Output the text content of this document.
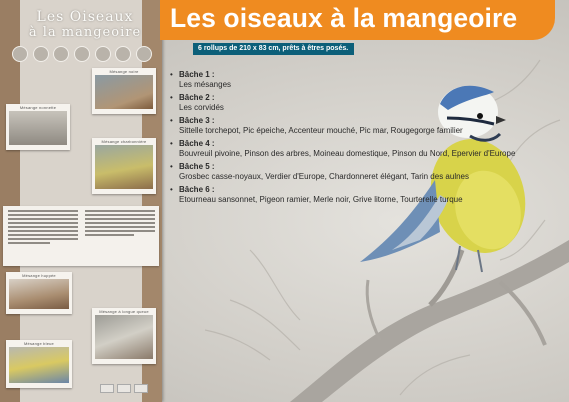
Les Oiseaux
à la mangeoire
Mésange noire
Mésange nonnette
Mésange charbonnière
Mésange huppée
Mésange à longue queue
Mésange bleue
Les oiseaux à la mangeoire
6 rollups de 210 x 83 cm, prêts à êtres posés.
• Bâche 1 :
Les mésanges
• Bâche 2 :
Les corvidés
• Bâche 3 :
Sittelle torchepot, Pic épeiche, Accenteur mouché, Pic mar, Rougegorge familier
• Bâche 4 :
Bouvreuil pivoine, Pinson des arbres, Moineau domestique, Pinson du Nord, Epervier d'Europe
• Bâche 5 :
Grosbec casse-noyaux, Verdier d'Europe, Chardonneret élégant, Tarin des aulnes
• Bâche 6 :
Etourneau sansonnet, Pigeon ramier, Merle noir, Grive litorne, Tourterelle turque
